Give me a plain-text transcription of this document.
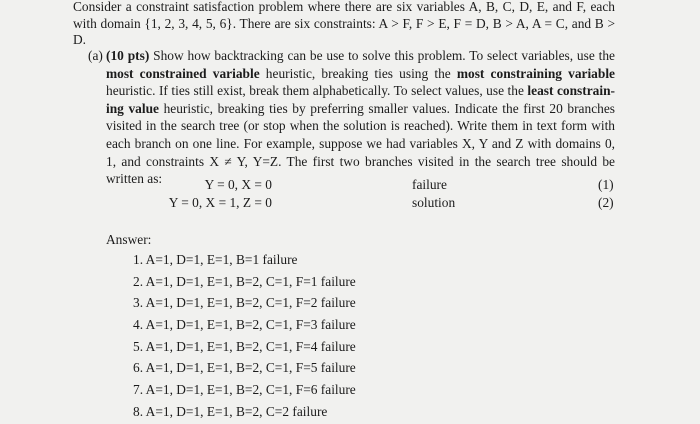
Consider a constraint satisfaction problem where there are six variables A, B, C, D, E, and F, each with domain {1, 2, 3, 4, 5, 6}. There are six constraints: A > F, F > E, F = D, B > A, A = C, and B > D.
(a) (10 pts) Show how backtracking can be use to solve this problem. To select variables, use the most constrained variable heuristic, breaking ties using the most constraining variable heuristic. If ties still exist, break them alphabetically. To select values, use the least constrain-ing value heuristic, breaking ties by preferring smaller values. Indicate the first 20 branches visited in the search tree (or stop when the solution is reached). Write them in text form with each branch on one line. For example, suppose we had variables X, Y and Z with domains 0, 1, and constraints X ≠ Y, Y=Z. The first two branches visited in the search tree should be written as:	Y = 0, X = 0	failure	(1)
Y = 0, X = 1, Z = 0	solution	(2)
Answer:
1. A=1, D=1, E=1, B=1 failure
2. A=1, D=1, E=1, B=2, C=1, F=1 failure
3. A=1, D=1, E=1, B=2, C=1, F=2 failure
4. A=1, D=1, E=1, B=2, C=1, F=3 failure
5. A=1, D=1, E=1, B=2, C=1, F=4 failure
6. A=1, D=1, E=1, B=2, C=1, F=5 failure
7. A=1, D=1, E=1, B=2, C=1, F=6 failure
8. A=1, D=1, E=1, B=2, C=2 failure
